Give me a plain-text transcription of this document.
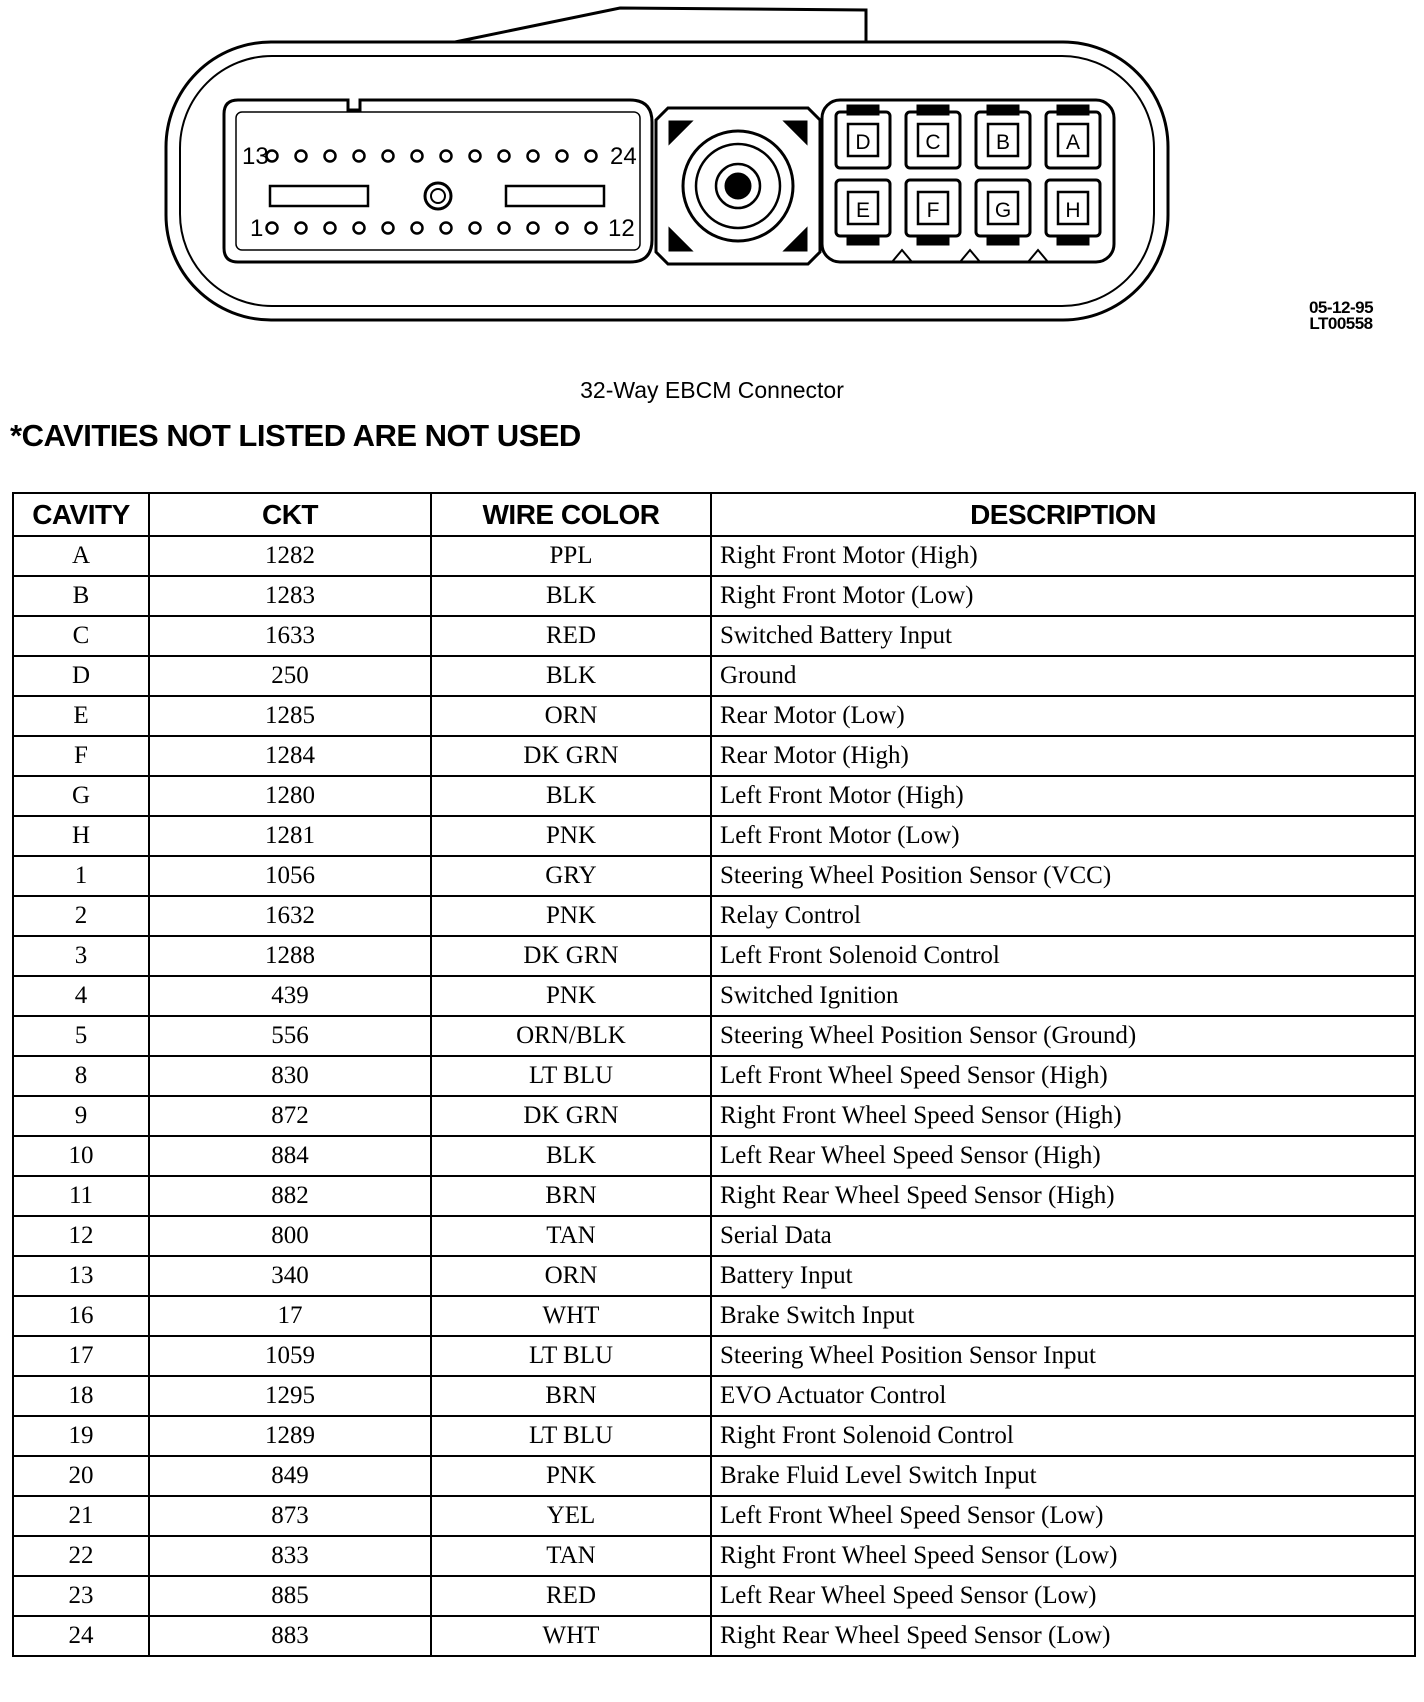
D	C	B	A
E	F	G	H
13	24
1	12
05-12-95
LT00558
32-Way EBCM Connector
*CAVITIES NOT LISTED ARE NOT USED
CAVITY	CKT	WIRE COLOR	DESCRIPTION
A	1282	PPL	Right Front Motor (High)
B	1283	BLK	Right Front Motor (Low)
C	1633	RED	Switched Battery Input
D	250	BLK	Ground
E	1285	ORN	Rear Motor (Low)
F	1284	DK GRN	Rear Motor (High)
G	1280	BLK	Left Front Motor (High)
H	1281	PNK	Left Front Motor (Low)
1	1056	GRY	Steering Wheel Position Sensor (VCC)
2	1632	PNK	Relay Control
3	1288	DK GRN	Left Front Solenoid Control
4	439	PNK	Switched Ignition
5	556	ORN/BLK	Steering Wheel Position Sensor (Ground)
8	830	LT BLU	Left Front Wheel Speed Sensor (High)
9	872	DK GRN	Right Front Wheel Speed Sensor (High)
10	884	BLK	Left Rear Wheel Speed Sensor (High)
11	882	BRN	Right Rear Wheel Speed Sensor (High)
12	800	TAN	Serial Data
13	340	ORN	Battery Input
16	17	WHT	Brake Switch Input
17	1059	LT BLU	Steering Wheel Position Sensor Input
18	1295	BRN	EVO Actuator Control
19	1289	LT BLU	Right Front Solenoid Control
20	849	PNK	Brake Fluid Level Switch Input
21	873	YEL	Left Front Wheel Speed Sensor (Low)
22	833	TAN	Right Front Wheel Speed Sensor (Low)
23	885	RED	Left Rear Wheel Speed Sensor (Low)
24	883	WHT	Right Rear Wheel Speed Sensor (Low)
